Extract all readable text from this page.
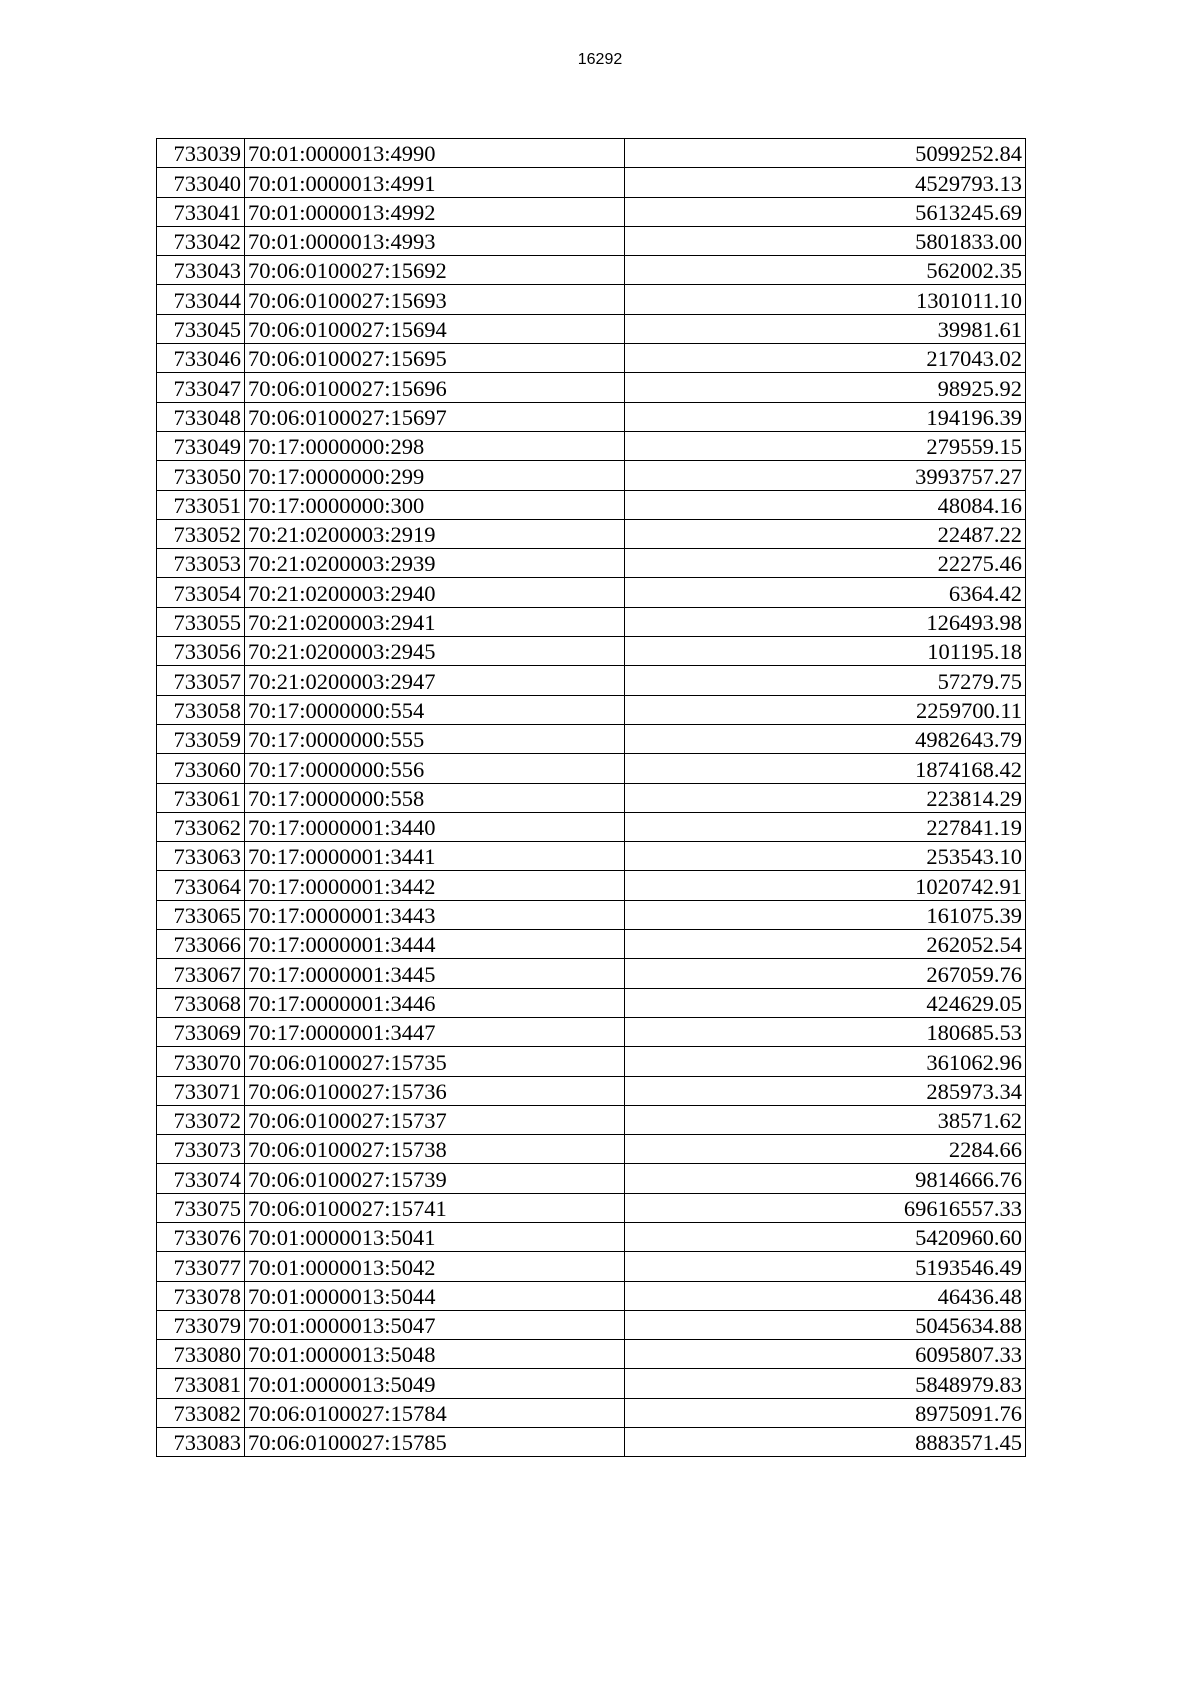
16292
733039	70:01:0000013:4990	5099252.84
733040	70:01:0000013:4991	4529793.13
733041	70:01:0000013:4992	5613245.69
733042	70:01:0000013:4993	5801833.00
733043	70:06:0100027:15692	562002.35
733044	70:06:0100027:15693	1301011.10
733045	70:06:0100027:15694	39981.61
733046	70:06:0100027:15695	217043.02
733047	70:06:0100027:15696	98925.92
733048	70:06:0100027:15697	194196.39
733049	70:17:0000000:298	279559.15
733050	70:17:0000000:299	3993757.27
733051	70:17:0000000:300	48084.16
733052	70:21:0200003:2919	22487.22
733053	70:21:0200003:2939	22275.46
733054	70:21:0200003:2940	6364.42
733055	70:21:0200003:2941	126493.98
733056	70:21:0200003:2945	101195.18
733057	70:21:0200003:2947	57279.75
733058	70:17:0000000:554	2259700.11
733059	70:17:0000000:555	4982643.79
733060	70:17:0000000:556	1874168.42
733061	70:17:0000000:558	223814.29
733062	70:17:0000001:3440	227841.19
733063	70:17:0000001:3441	253543.10
733064	70:17:0000001:3442	1020742.91
733065	70:17:0000001:3443	161075.39
733066	70:17:0000001:3444	262052.54
733067	70:17:0000001:3445	267059.76
733068	70:17:0000001:3446	424629.05
733069	70:17:0000001:3447	180685.53
733070	70:06:0100027:15735	361062.96
733071	70:06:0100027:15736	285973.34
733072	70:06:0100027:15737	38571.62
733073	70:06:0100027:15738	2284.66
733074	70:06:0100027:15739	9814666.76
733075	70:06:0100027:15741	69616557.33
733076	70:01:0000013:5041	5420960.60
733077	70:01:0000013:5042	5193546.49
733078	70:01:0000013:5044	46436.48
733079	70:01:0000013:5047	5045634.88
733080	70:01:0000013:5048	6095807.33
733081	70:01:0000013:5049	5848979.83
733082	70:06:0100027:15784	8975091.76
733083	70:06:0100027:15785	8883571.45
